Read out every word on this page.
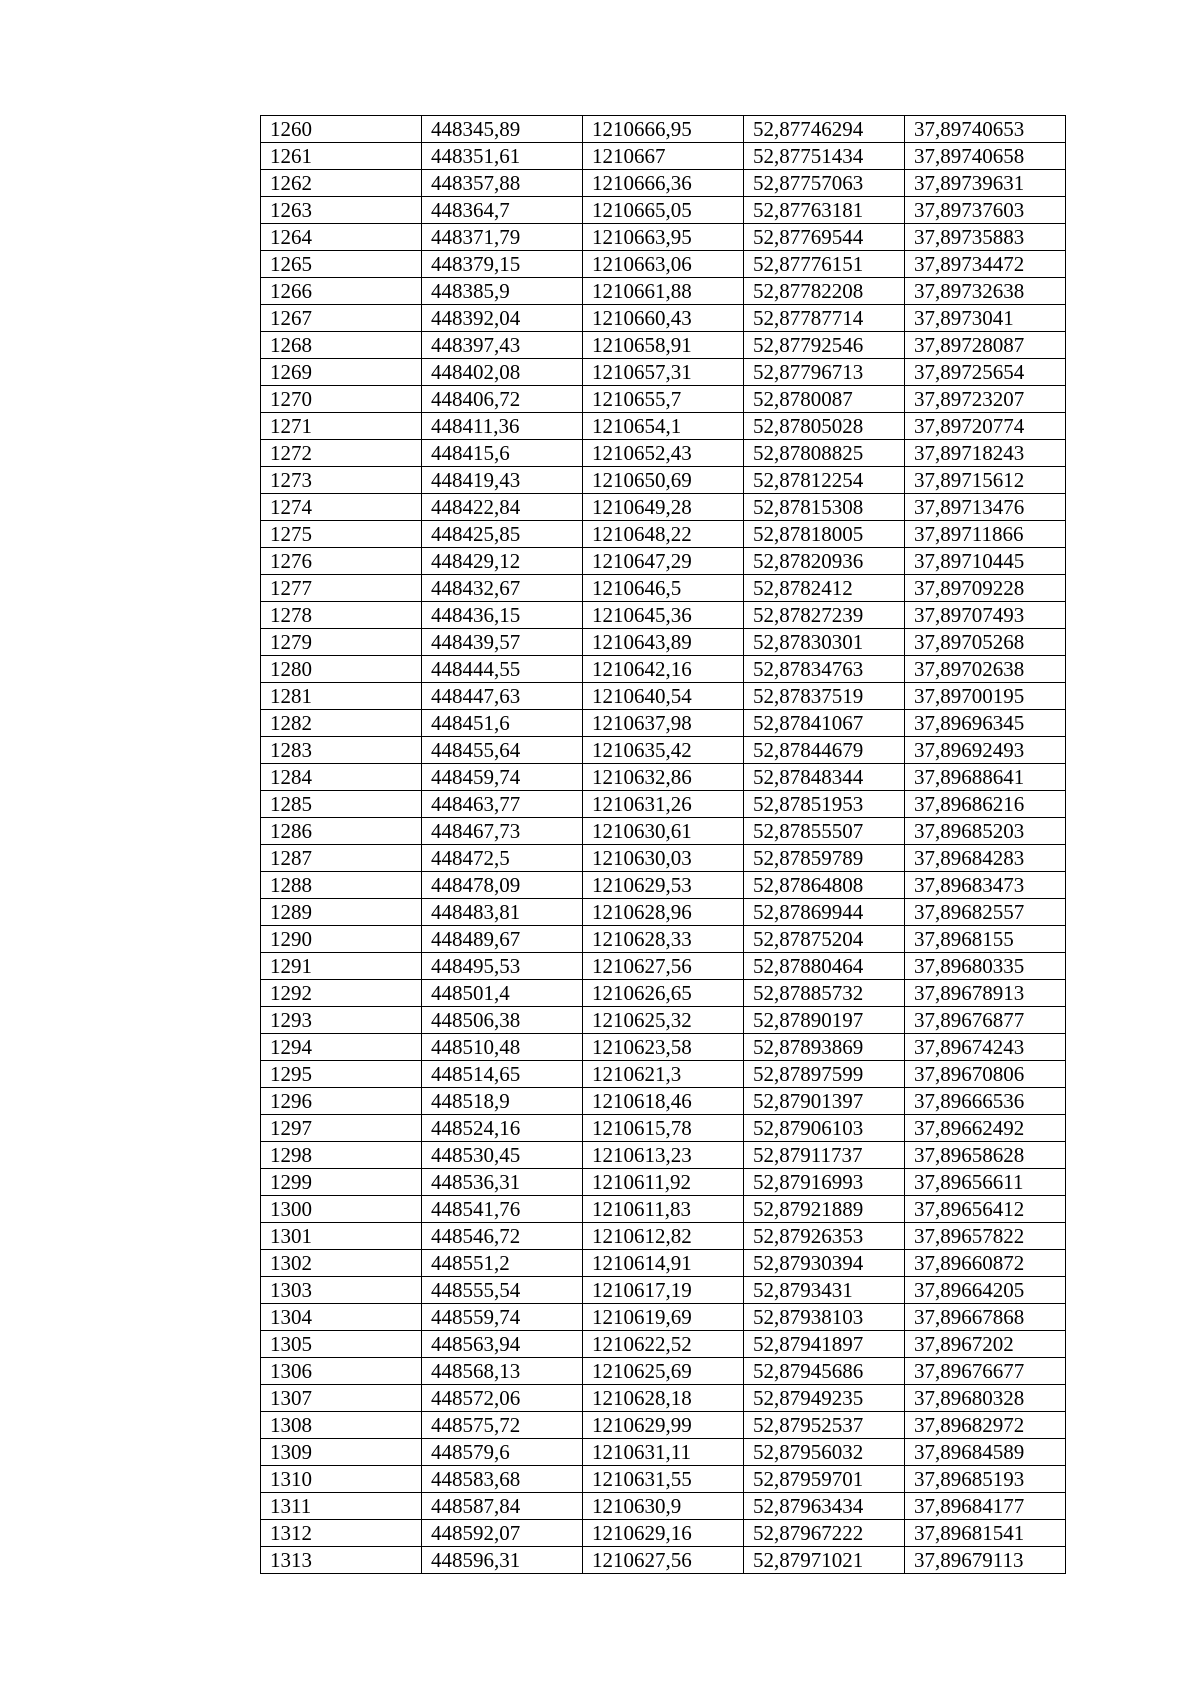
1260	448345,89	1210666,95	52,87746294	37,89740653
1261	448351,61	1210667	52,87751434	37,89740658
1262	448357,88	1210666,36	52,87757063	37,89739631
1263	448364,7	1210665,05	52,87763181	37,89737603
1264	448371,79	1210663,95	52,87769544	37,89735883
1265	448379,15	1210663,06	52,87776151	37,89734472
1266	448385,9	1210661,88	52,87782208	37,89732638
1267	448392,04	1210660,43	52,87787714	37,8973041
1268	448397,43	1210658,91	52,87792546	37,89728087
1269	448402,08	1210657,31	52,87796713	37,89725654
1270	448406,72	1210655,7	52,8780087	37,89723207
1271	448411,36	1210654,1	52,87805028	37,89720774
1272	448415,6	1210652,43	52,87808825	37,89718243
1273	448419,43	1210650,69	52,87812254	37,89715612
1274	448422,84	1210649,28	52,87815308	37,89713476
1275	448425,85	1210648,22	52,87818005	37,89711866
1276	448429,12	1210647,29	52,87820936	37,89710445
1277	448432,67	1210646,5	52,8782412	37,89709228
1278	448436,15	1210645,36	52,87827239	37,89707493
1279	448439,57	1210643,89	52,87830301	37,89705268
1280	448444,55	1210642,16	52,87834763	37,89702638
1281	448447,63	1210640,54	52,87837519	37,89700195
1282	448451,6	1210637,98	52,87841067	37,89696345
1283	448455,64	1210635,42	52,87844679	37,89692493
1284	448459,74	1210632,86	52,87848344	37,89688641
1285	448463,77	1210631,26	52,87851953	37,89686216
1286	448467,73	1210630,61	52,87855507	37,89685203
1287	448472,5	1210630,03	52,87859789	37,89684283
1288	448478,09	1210629,53	52,87864808	37,89683473
1289	448483,81	1210628,96	52,87869944	37,89682557
1290	448489,67	1210628,33	52,87875204	37,8968155
1291	448495,53	1210627,56	52,87880464	37,89680335
1292	448501,4	1210626,65	52,87885732	37,89678913
1293	448506,38	1210625,32	52,87890197	37,89676877
1294	448510,48	1210623,58	52,87893869	37,89674243
1295	448514,65	1210621,3	52,87897599	37,89670806
1296	448518,9	1210618,46	52,87901397	37,89666536
1297	448524,16	1210615,78	52,87906103	37,89662492
1298	448530,45	1210613,23	52,87911737	37,89658628
1299	448536,31	1210611,92	52,87916993	37,89656611
1300	448541,76	1210611,83	52,87921889	37,89656412
1301	448546,72	1210612,82	52,87926353	37,89657822
1302	448551,2	1210614,91	52,87930394	37,89660872
1303	448555,54	1210617,19	52,8793431	37,89664205
1304	448559,74	1210619,69	52,87938103	37,89667868
1305	448563,94	1210622,52	52,87941897	37,8967202
1306	448568,13	1210625,69	52,87945686	37,89676677
1307	448572,06	1210628,18	52,87949235	37,89680328
1308	448575,72	1210629,99	52,87952537	37,89682972
1309	448579,6	1210631,11	52,87956032	37,89684589
1310	448583,68	1210631,55	52,87959701	37,89685193
1311	448587,84	1210630,9	52,87963434	37,89684177
1312	448592,07	1210629,16	52,87967222	37,89681541
1313	448596,31	1210627,56	52,87971021	37,89679113
